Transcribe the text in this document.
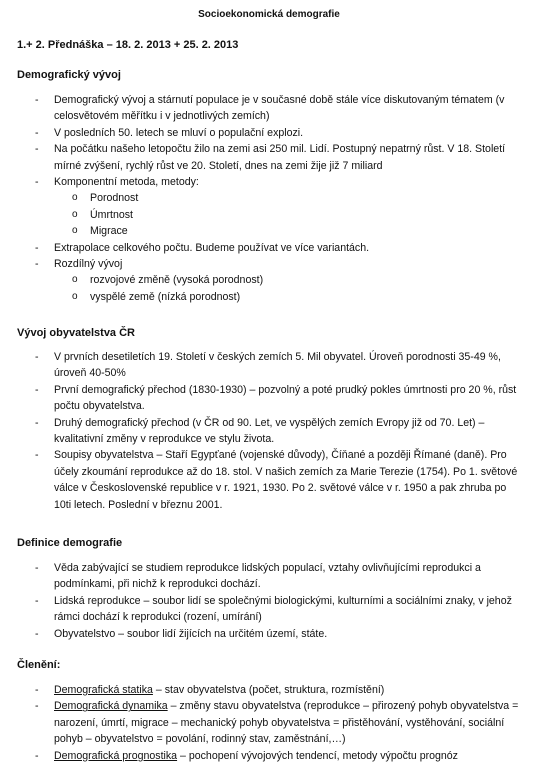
Socioekonomická demografie
1.+ 2. Přednáška – 18. 2. 2013 + 25. 2. 2013
Demografický vývoj
- Demografický vývoj a stárnutí populace je v současné době stále více diskutovaným tématem (v celosvětovém měřítku i v jednotlivých zemích)
- V posledních 50. letech se mluví o populační explozi.
- Na počátku našeho letopočtu žilo na zemi asi 250 mil. Lidí. Postupný nepatrný růst. V 18. Století mírné zvýšení, rychlý růst ve 20. Století, dnes na zemi žije již 7 miliard
- Komponentní metoda, metody:
o Porodnost
o Úmrtnost
o Migrace
- Extrapolace celkového počtu. Budeme používat ve více variantách.
- Rozdílný vývoj
o rozvojové změně (vysoká porodnost)
o vyspělé země (nízká porodnost)
Vývoj obyvatelstva ČR
- V prvních desetiletích 19. Století v českých zemích 5. Mil obyvatel. Úroveň porodnosti 35-49 %, úroveň 40-50%
- První demografický přechod (1830-1930) – pozvolný a poté prudký pokles úmrtnosti pro 20 %, růst počtu obyvatelstva.
- Druhý demografický přechod (v ČR od 90. Let, ve vyspělých zemích Evropy již od 70. Let) – kvalitativní změny v reprodukce ve stylu života.
- Soupisy obyvatelstva – Staří Egypťané (vojenské důvody), Číňané a později Římané (daně). Pro účely zkoumání reprodukce až do 18. stol. V našich zemích za Marie Terezie (1754). Po 1. světové válce v Československé republice v r. 1921, 1930. Po 2. světové válce v r. 1950 a pak zhruba po 10ti letech. Poslední v březnu 2001.
Definice demografie
- Věda zabývající se studiem reprodukce lidských populací, vztahy ovlivňujícími reprodukci a podmínkami, při nichž k reprodukci dochází.
- Lidská reprodukce – soubor lidí se společnými biologickými, kulturními a sociálními znaky, v jehož rámci dochází k reprodukci (rození, umírání)
- Obyvatelstvo – soubor lidí žijících na určitém území, státe.
Členění:
- Demografická statika – stav obyvatelstva (počet, struktura, rozmístění)
- Demografická dynamika – změny stavu obyvatelstva (reprodukce – přirozený pohyb obyvatelstva = narození, úmrtí, migrace – mechanický pohyb obyvatelstva = přistěhování, vystěhování, sociální pohyb – obyvatelstvo = povolání, rodinný stav, zaměstnání,…)
- Demografická prognostika – pochopení vývojových tendencí, metody výpočtu prognóz
